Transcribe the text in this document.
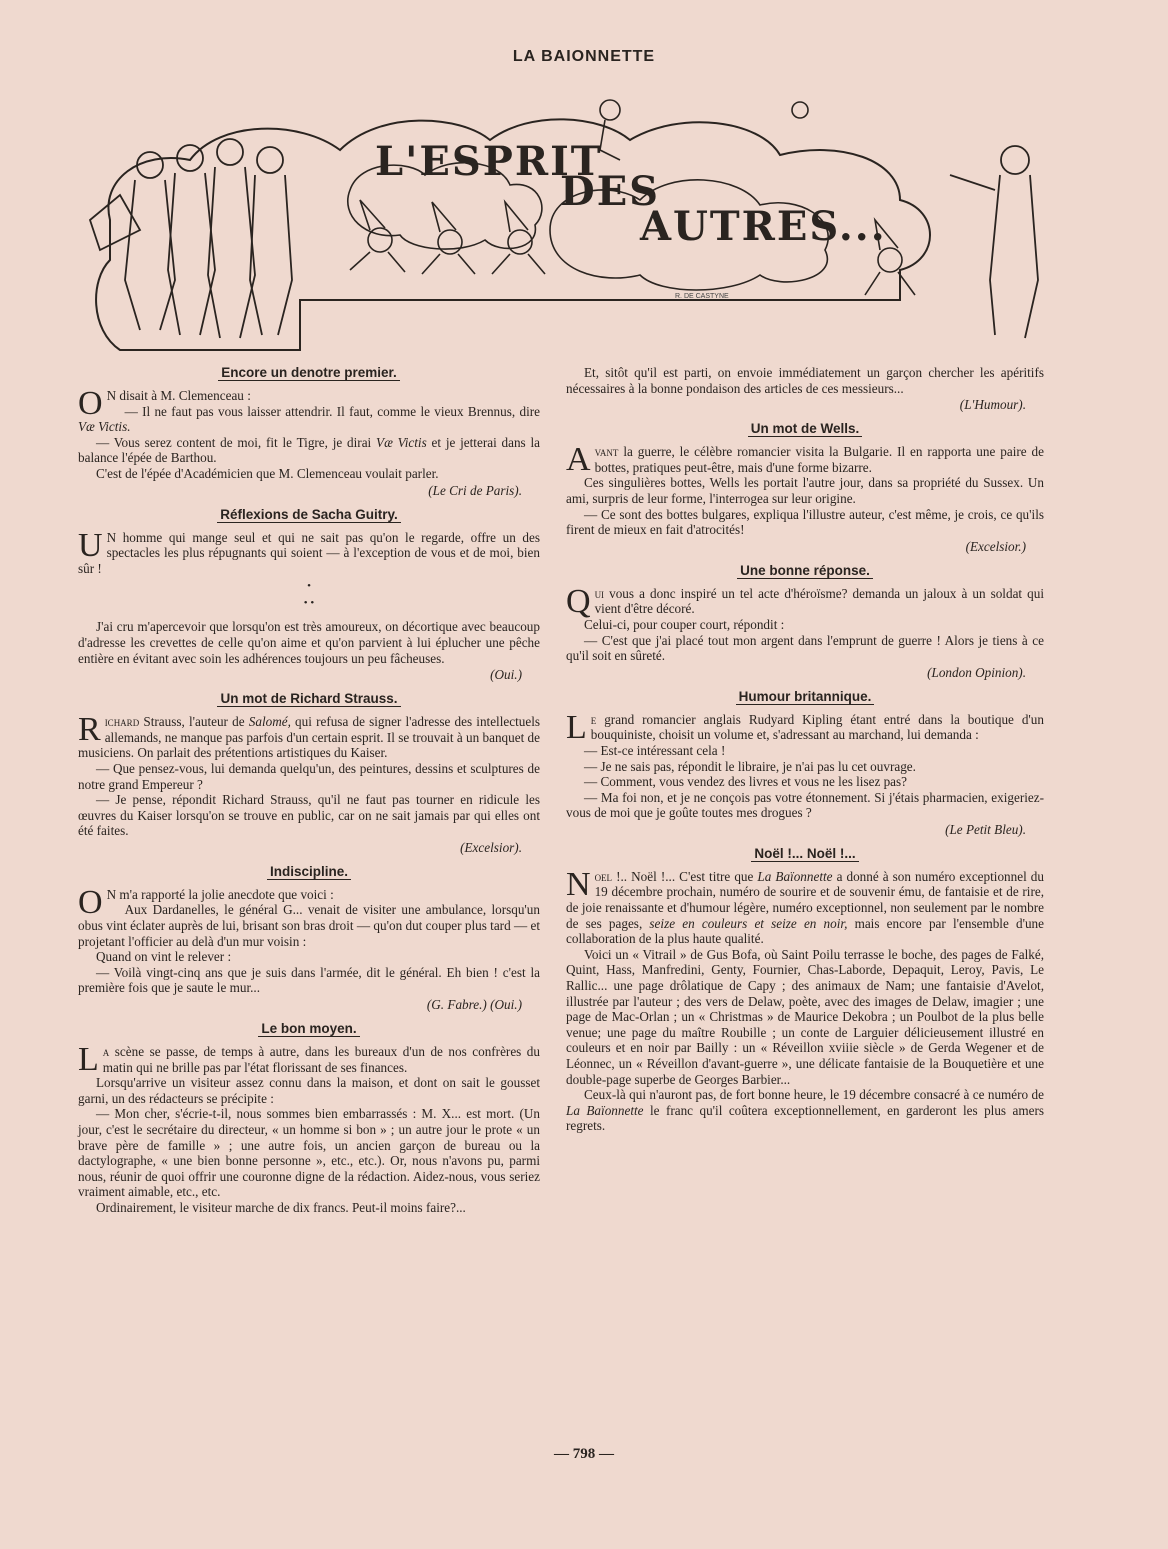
LA BAIONNETTE
L'ESPRIT
DES
AUTRES...
R. DE CASTYNE
Encore un denotre premier.

O N disait à M. Clemenceau :

— Il ne faut pas vous laisser attendrir. Il faut, comme le vieux Brennus, dire Væ Victis.

— Vous serez content de moi, fit le Tigre, je dirai Væ Victis et je jetterai dans la balance l'épée de Barthou.

C'est de l'épée d'Académicien que M. Clemenceau voulait parler.

(Le Cri de Paris).

Réflexions de Sacha Guitry.

U N homme qui mange seul et qui ne sait pas qu'on le regarde, offre un des spectacles les plus répugnants qui soient — à l'exception de vous et de moi, bien sûr !

•
• •

J'ai cru m'apercevoir que lorsqu'on est très amoureux, on décortique avec beaucoup d'adresse les crevettes de celle qu'on aime et qu'on parvient à lui éplucher une pêche entière en évitant avec soin les adhérences toujours un peu fâcheuses.

(Oui.)

Un mot de Richard Strauss.

Richard Strauss, l'auteur de Salomé, qui refusa de signer l'adresse des intellectuels allemands, ne manque pas parfois d'un certain esprit. Il se trouvait à un banquet de musiciens. On parlait des prétentions artistiques du Kaiser.

— Que pensez-vous, lui demanda quelqu'un, des peintures, dessins et sculptures de notre grand Empereur ?

— Je pense, répondit Richard Strauss, qu'il ne faut pas tourner en ridicule les œuvres du Kaiser lorsqu'on se trouve en public, car on ne sait jamais par qui elles ont été faites.

(Excelsior).

Indiscipline.

O N m'a rapporté la jolie anecdote que voici :

Aux Dardanelles, le général G... venait de visiter une ambulance, lorsqu'un obus vint éclater auprès de lui, brisant son bras droit — qu'on dut couper plus tard — et projetant l'officier au delà d'un mur voisin :

Quand on vint le relever :

— Voilà vingt-cinq ans que je suis dans l'armée, dit le général. Eh bien ! c'est la première fois que je saute le mur...

(G. Fabre.) (Oui.)

Le bon moyen.

La scène se passe, de temps à autre, dans les bureaux d'un de nos confrères du matin qui ne brille pas par l'état florissant de ses finances.

Lorsqu'arrive un visiteur assez connu dans la maison, et dont on sait le gousset garni, un des rédacteurs se précipite :

— Mon cher, s'écrie-t-il, nous sommes bien embarrassés : M. X... est mort. (Un jour, c'est le secrétaire du directeur, « un homme si bon » ; un autre jour le prote « un brave père de famille » ; une autre fois, un ancien garçon de bureau ou la dactylographe, « une bien bonne personne », etc., etc.). Or, nous n'avons pu, parmi nous, réunir de quoi offrir une couronne digne de la rédaction. Aidez-nous, vous seriez vraiment aimable, etc., etc.

Ordinairement, le visiteur marche de dix francs. Peut-il moins faire?...

Et, sitôt qu'il est parti, on envoie immédiatement un garçon chercher les apéritifs nécessaires à la bonne pondaison des articles de ces messieurs...

(L'Humour).

Un mot de Wells.

Avant la guerre, le célèbre romancier visita la Bulgarie. Il en rapporta une paire de bottes, pratiques peut-être, mais d'une forme bizarre.

Ces singulières bottes, Wells les portait l'autre jour, dans sa propriété du Sussex. Un ami, surpris de leur forme, l'interrogea sur leur origine.

— Ce sont des bottes bulgares, expliqua l'illustre auteur, c'est même, je crois, ce qu'ils firent de mieux en fait d'atrocités!

(Excelsior.)

Une bonne réponse.

Qui vous a donc inspiré un tel acte d'héroïsme? demanda un jaloux à un soldat qui vient d'être décoré.

Celui-ci, pour couper court, répondit :

— C'est que j'ai placé tout mon argent dans l'emprunt de guerre ! Alors je tiens à ce qu'il soit en sûreté.

(London Opinion).

Humour britannique.

Le grand romancier anglais Rudyard Kipling étant entré dans la boutique d'un bouquiniste, choisit un volume et, s'adressant au marchand, lui demanda :

— Est-ce intéressant cela !

— Je ne sais pas, répondit le libraire, je n'ai pas lu cet ouvrage.

— Comment, vous vendez des livres et vous ne les lisez pas?

— Ma foi non, et je ne conçois pas votre étonnement. Si j'étais pharmacien, exigeriez-vous de moi que je goûte toutes mes drogues ?

(Le Petit Bleu).

Noël !... Noël !...

Noel !.. Noël !... C'est titre que La Baïonnette a donné à son numéro exceptionnel du 19 décembre prochain, numéro de sourire et de souvenir ému, de fantaisie et de rire, de joie renaissante et d'humour légère, numéro exceptionnel, non seulement par le nombre de ses pages, seize en couleurs et seize en noir, mais encore par l'ensemble d'une collaboration de la plus haute qualité.

Voici un « Vitrail » de Gus Bofa, où Saint Poilu terrasse le boche, des pages de Falké, Quint, Hass, Manfredini, Genty, Fournier, Chas-Laborde, Depaquit, Leroy, Pavis, Le Rallic... une page drôlatique de Capy ; des animaux de Nam; une fantaisie d'Avelot, illustrée par l'auteur ; des vers de Delaw, poète, avec des images de Delaw, imagier ; une page de Mac-Orlan ; un « Christmas » de Maurice Dekobra ; un Poulbot de la plus belle venue; une page du maître Roubille ; un conte de Larguier délicieusement illustré en couleurs et en noir par Bailly : un « Réveillon xviiie siècle » de Gerda Wegener et de Léonnec, un « Réveillon d'avant-guerre », une délicate fantaisie de la Bouquetière et une double-page superbe de Georges Barbier...

Ceux-là qui n'auront pas, de fort bonne heure, le 19 décembre consacré à ce numéro de La Baïonnette le franc qu'il coûtera exceptionnellement, en garderont les plus amers regrets.

— 798 —
